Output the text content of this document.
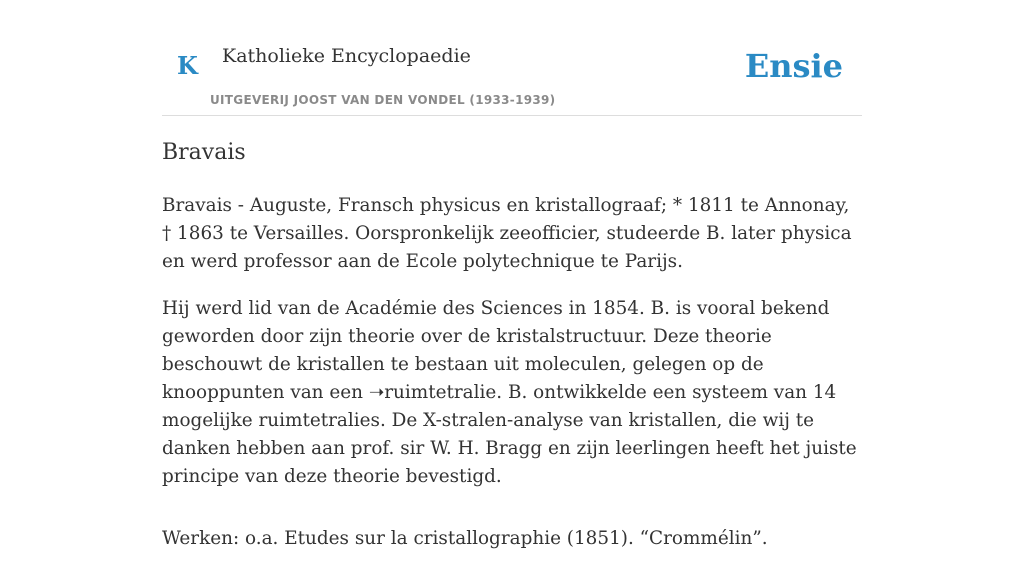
K Katholieke Encyclopaedie
UITGEVERIJ JOOST VAN DEN VONDEL (1933-1939)
Ensie
Bravais

Bravais - Auguste, Fransch physicus en kristallograaf; * 1811 te Annonay, † 1863 te Versailles. Oorspronkelijk zeeofficier, studeerde B. later physica en werd professor aan de Ecole polytechnique te Parijs.

Hij werd lid van de Académie des Sciences in 1854. B. is vooral bekend geworden door zijn theorie over de kristalstructuur. Deze theorie beschouwt de kristallen te bestaan uit moleculen, gelegen op de knooppunten van een ➝ruimtetralie. B. ontwikkelde een systeem van 14 mogelijke ruimtetralies. De X-stralen-analyse van kristallen, die wij te danken hebben aan prof. sir W. H. Bragg en zijn leerlingen heeft het juiste principe van deze theorie bevestigd.

Werken: o.a. Etudes sur la cristallographie (1851). “Crommélin”.
